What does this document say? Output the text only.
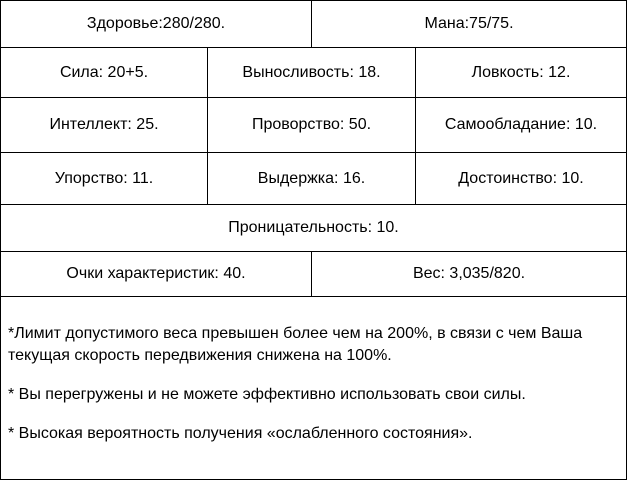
Здоровье:280/280.	Мана:75/75.
Сила: 20+5.	Выносливость: 18.	Ловкость: 12.
Интеллект: 25.	Проворство: 50.	Самообладание: 10.
Упорство: 11.	Выдержка: 16.	Достоинство: 10.
Проницательность: 10.
Очки характеристик: 40.	Вес: 3,035/820.

*Лимит допустимого веса превышен более чем на 200%, в связи с чем Ваша текущая скорость передвижения снижена на 100%.

* Вы перегружены и не можете эффективно использовать свои силы.

* Высокая вероятность получения «ослабленного состояния».
